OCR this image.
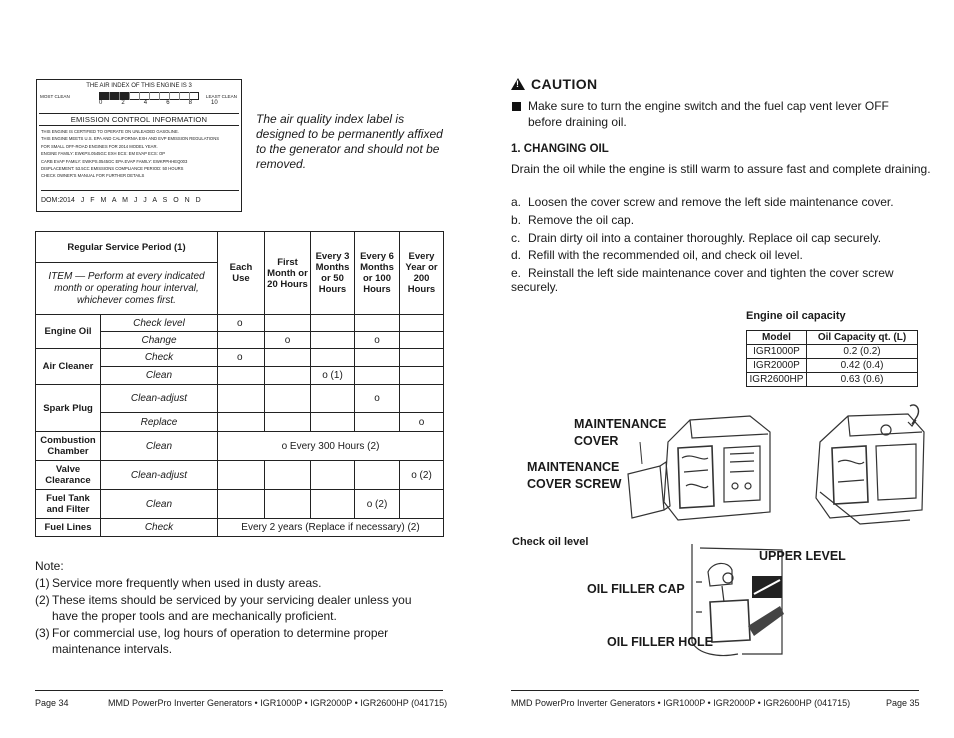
THE AIR INDEX OF THIS ENGINE IS 3
MOST CLEAN	LEAST CLEAN
0	2	4	6	8	10
EMISSION CONTROL INFORMATION
THIS ENGINE IS CERTIFIED TO OPERATE ON UNLEADED GASOLINE.
THIS ENGINE MEETS U.S. EPA AND CALIFORNIA EXH AND EVP EMISSION REGULATIONS
FOR SMALL OFF-ROAD ENGINES FOR 2014 MODEL YEAR.
ENGINE FAMILY: EWKPS.0545GC EXH ECS: EM EVAP ECS: OP
CARB EVAP FAMILY: EWKPS.0545GC EPA EVAP FAMILY: EWKPPHHEQ003
DISPLACEMENT: 53.5CC EMISSIONS COMPLIANCE PERIOD: 50 HOURS
CHECK OWNER'S MANUAL FOR FURTHER DETAILS
DOM:2014 J F M A M J J A S O N D
The air quality index label is designed to be permanently affixed to the generator and should not be removed.
Regular Service Period (1)		Each Use	First Month or 20 Hours	Every 3 Months or 50 Hours	Every 6 Months or 100 Hours	Every Year or 200 Hours
ITEM — Perform at every indicated month or operating hour interval, whichever comes first.						
Engine Oil	Check level	o				
	Change		o		o	
Air Cleaner	Check	o				
	Clean			o (1)		
Spark Plug	Clean-adjust				o	
	Replace					o
Combustion Chamber	Clean	o Every 300 Hours (2)				
Valve Clearance	Clean-adjust					o (2)
Fuel Tank and Filter	Clean				o (2)	
Fuel Lines	Check	Every 2 years (Replace if necessary) (2)				
Note:
(1) Service more frequently when used in dusty areas.
(2) These items should be serviced by your servicing dealer unless you have the proper tools and are mechanically proficient.
(3) For commercial use, log hours of operation to determine proper maintenance intervals.
Page 34	MMD PowerPro Inverter Generators • IGR1000P • IGR2000P • IGR2600HP (041715)
!CAUTION
Make sure to turn the engine switch and the fuel cap vent lever OFF before draining oil.
1. CHANGING OIL
Drain the oil while the engine is still warm to assure fast and complete draining.
a. Loosen the cover screw and remove the left side maintenance cover.
b. Remove the oil cap.
c. Drain dirty oil into a container thoroughly. Replace oil cap securely.
d. Refill with the recommended oil, and check oil level.
e. Reinstall the left side maintenance cover and tighten the cover screw securely.
Engine oil capacity
Model	Oil Capacity qt. (L)
IGR1000P	0.2 (0.2)
IGR2000P	0.42 (0.4)
IGR2600HP	0.63 (0.6)
MAINTENANCE
COVER
MAINTENANCE
COVER SCREW
Check oil level
UPPER LEVEL
OIL FILLER CAP
OIL FILLER HOLE
MMD PowerPro Inverter Generators • IGR1000P • IGR2000P • IGR2600HP (041715)	Page 35
